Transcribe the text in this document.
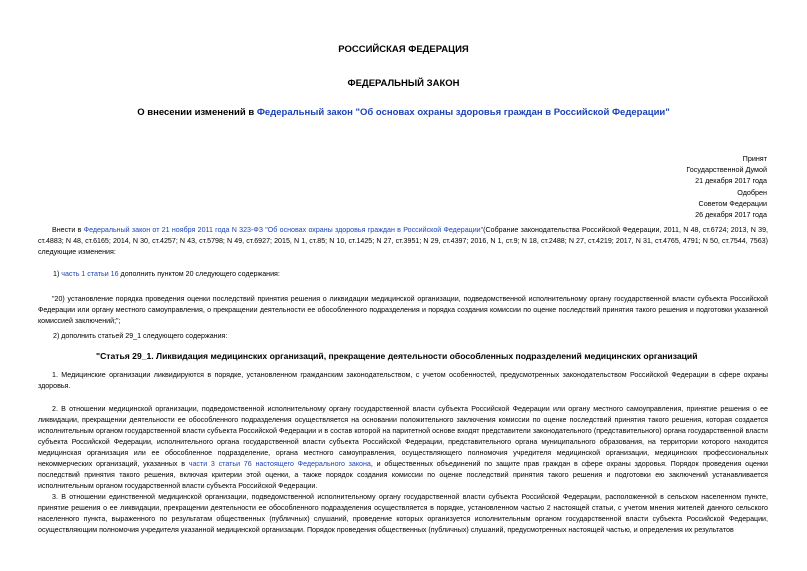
РОССИЙСКАЯ ФЕДЕРАЦИЯ
ФЕДЕРАЛЬНЫЙ ЗАКОН
О внесении изменений в Федеральный закон "Об основах охраны здоровья граждан в Российской Федерации"
Принят
Государственной Думой
21 декабря 2017 года
Одобрен
Советом Федерации
26 декабря 2017 года
Внести в Федеральный закон от 21 ноября 2011 года N 323-ФЗ "Об основах охраны здоровья граждан в Российской Федерации"(Собрание законодательства Российской Федерации, 2011, N 48, ст.6724; 2013, N 39, ст.4883; N 48, ст.6165; 2014, N 30, ст.4257; N 43, ст.5798; N 49, ст.6927; 2015, N 1, ст.85; N 10, ст.1425; N 27, ст.3951; N 29, ст.4397; 2016, N 1, ст.9; N 18, ст.2488; N 27, ст.4219; 2017, N 31, ст.4765, 4791; N 50, ст.7544, 7563) следующие изменения:
1) часть 1 статьи 16 дополнить пунктом 20 следующего содержания:
"20) установление порядка проведения оценки последствий принятия решения о ликвидации медицинской организации, подведомственной исполнительному органу государственной власти субъекта Российской Федерации или органу местного самоуправления, о прекращении деятельности ее обособленного подразделения и порядка создания комиссии по оценке последствий принятия такого решения и подготовки указанной комиссией заключений;";
2) дополнить статьей 29_1 следующего содержания:
"Статья 29_1. Ликвидация медицинских организаций, прекращение деятельности обособленных подразделений медицинских организаций
1. Медицинские организации ликвидируются в порядке, установленном гражданским законодательством, с учетом особенностей, предусмотренных законодательством Российской Федерации в сфере охраны здоровья.
2. В отношении медицинской организации, подведомственной исполнительному органу государственной власти субъекта Российской Федерации или органу местного самоуправления, принятие решения о ее ликвидации, прекращении деятельности ее обособленного подразделения осуществляется на основании положительного заключения комиссии по оценке последствий принятия такого решения, которая создается исполнительным органом государственной власти субъекта Российской Федерации и в состав которой на паритетной основе входят представители законодательного (представительного) органа государственной власти субъекта Российской Федерации, исполнительного органа государственной власти субъекта Российской Федерации, представительного органа муниципального образования, на территории которого находится медицинская организация или ее обособленное подразделение, органа местного самоуправления, осуществляющего полномочия учредителя медицинской организации, медицинских профессиональных некоммерческих организаций, указанных в части 3 статьи 76 настоящего Федерального закона, и общественных объединений по защите прав граждан в сфере охраны здоровья. Порядок проведения оценки последствий принятия такого решения, включая критерии этой оценки, а также порядок создания комиссии по оценке последствий принятия такого решения и подготовки ею заключений устанавливается исполнительным органом государственной власти субъекта Российской Федерации.
3. В отношении единственной медицинской организации, подведомственной исполнительному органу государственной власти субъекта Российской Федерации, расположенной в сельском населенном пункте, принятие решения о ее ликвидации, прекращении деятельности ее обособленного подразделения осуществляется в порядке, установленном частью 2 настоящей статьи, с учетом мнения жителей данного сельского населенного пункта, выраженного по результатам общественных (публичных) слушаний, проведение которых организуется исполнительным органом государственной власти субъекта Российской Федерации, осуществляющим полномочия учредителя указанной медицинской организации. Порядок проведения общественных (публичных) слушаний, предусмотренных настоящей частью, и определения их результатов
